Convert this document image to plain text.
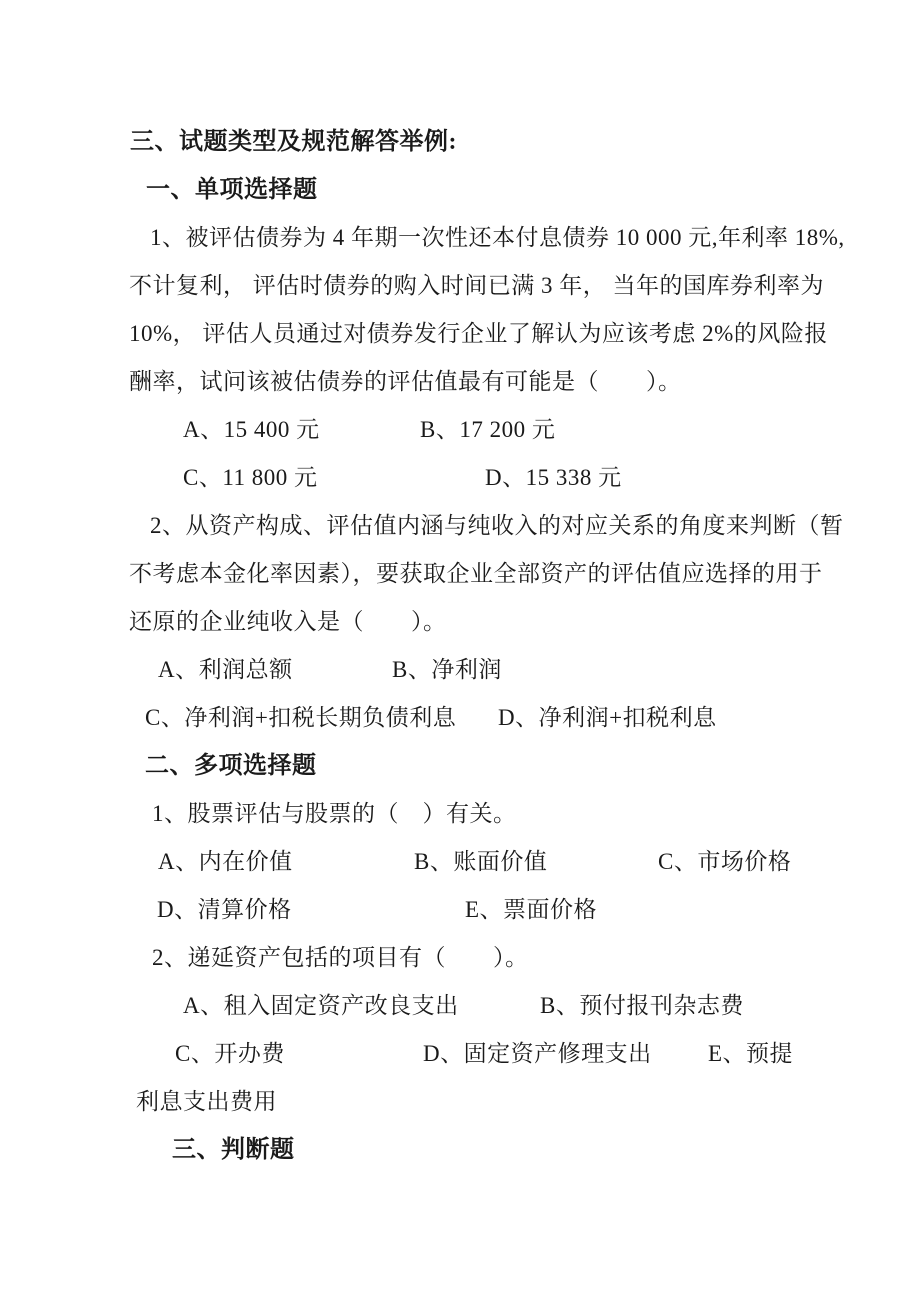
三、试题类型及规范解答举例:
一、单项选择题
1、被评估债券为 4 年期一次性还本付息债券 10 000 元,年利率 18%,
不计复利， 评估时债券的购入时间已满 3 年， 当年的国库券利率为
10%， 评估人员通过对债券发行企业了解认为应该考虑 2%的风险报
酬率，试问该被估债券的评估值最有可能是（　　）。
A、15 400 元	B、17 200 元
C、11 800 元	D、15 338 元
2、从资产构成、评估值内涵与纯收入的对应关系的角度来判断（暂
不考虑本金化率因素），要获取企业全部资产的评估值应选择的用于
还原的企业纯收入是（　　）。
A、利润总额	B、净利润
C、净利润+扣税长期负债利息 D、净利润+扣税利息
二、多项选择题
1、股票评估与股票的（　）有关。
A、内在价值	B、账面价值	C、市场价格
D、清算价格	E、票面价格
2、递延资产包括的项目有（　　）。
A、租入固定资产改良支出	B、预付报刊杂志费
C、开办费	D、固定资产修理支出 E、预提
利息支出费用
三、判断题
